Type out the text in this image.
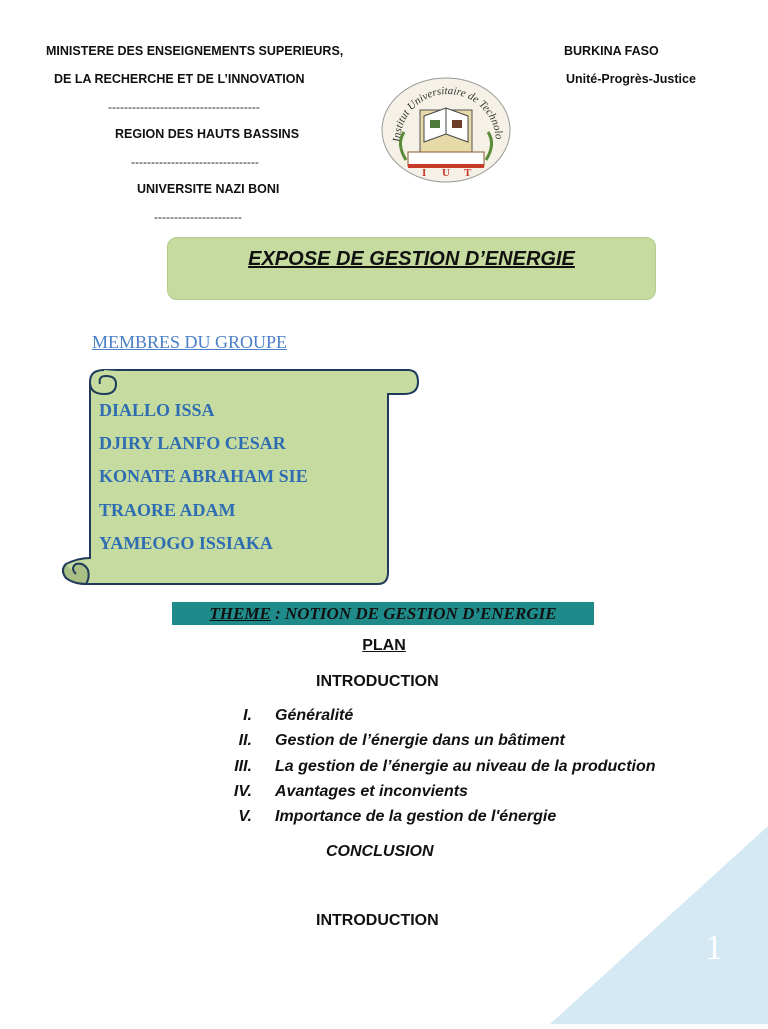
MINISTERE DES ENSEIGNEMENTS SUPERIEURS,
DE LA RECHERCHE ET DE L’INNOVATION
--------------------------------------
REGION DES HAUTS BASSINS
--------------------------------
UNIVERSITE NAZI BONI
----------------------
BURKINA FASO
Unité-Progrès-Justice
Institut Universitaire de Technolo
I U T
EXPOSE DE GESTION D’ENERGIE
MEMBRES DU GROUPE
DIALLO ISSA
DJIRY LANFO CESAR
KONATE ABRAHAM SIE
TRAORE ADAM
YAMEOGO ISSIAKA
THEME : NOTION DE GESTION D’ENERGIE
PLAN
INTRODUCTION
I. Généralité
II. Gestion de l’énergie dans un bâtiment
III. La gestion de l’énergie au niveau de la production
IV. Avantages et inconvients
V. Importance de la gestion de l'énergie
CONCLUSION
INTRODUCTION
1
